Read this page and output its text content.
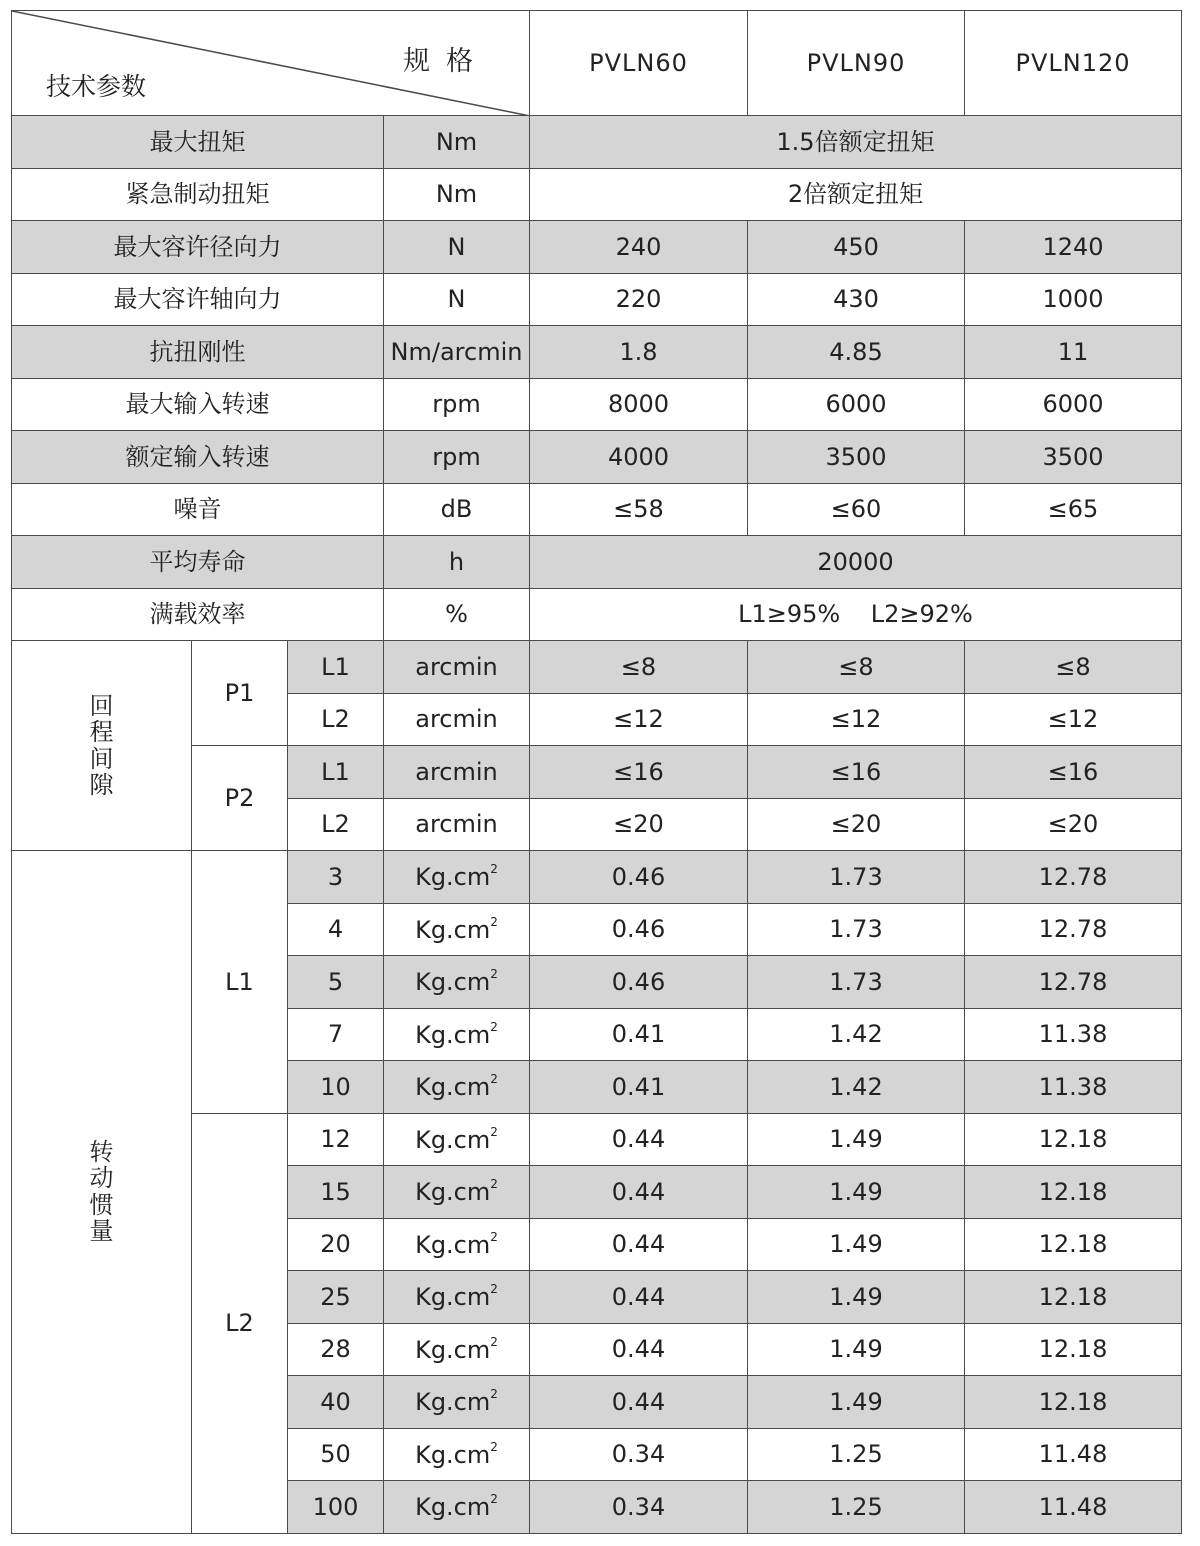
规格
技术参数				PVLN60	PVLN90	PVLN120
最大扭矩			Nm	1.5倍额定扭矩		
紧急制动扭矩			Nm	2倍额定扭矩		
最大容许径向力			N	240	450	1240
最大容许轴向力			N	220	430	1000
抗扭刚性			Nm/arcmin	1.8	4.85	11
最大输入转速			rpm	8000	6000	6000
额定输入转速			rpm	4000	3500	3500
噪音			dB	≤58	≤60	≤65
平均寿命			h	20000		
满载效率			%	L1≥95%    L2≥92%		
回程间隙	P1	L1	arcmin	≤8	≤8	≤8
		L2	arcmin	≤12	≤12	≤12
	P2	L1	arcmin	≤16	≤16	≤16
		L2	arcmin	≤20	≤20	≤20
转动惯量	L1	3	$Kg.cm^2$	0.46	1.73	12.78
		4	$Kg.cm^2$	0.46	1.73	12.78
		5	$Kg.cm^2$	0.46	1.73	12.78
		7	$Kg.cm^2$	0.41	1.42	11.38
		10	$Kg.cm^2$	0.41	1.42	11.38
	L2	12	$Kg.cm^2$	0.44	1.49	12.18
		15	$Kg.cm^2$	0.44	1.49	12.18
		20	$Kg.cm^2$	0.44	1.49	12.18
		25	$Kg.cm^2$	0.44	1.49	12.18
		28	$Kg.cm^2$	0.44	1.49	12.18
		40	$Kg.cm^2$	0.44	1.49	12.18
		50	$Kg.cm^2$	0.34	1.25	11.48
		100	$Kg.cm^2$	0.34	1.25	11.48
